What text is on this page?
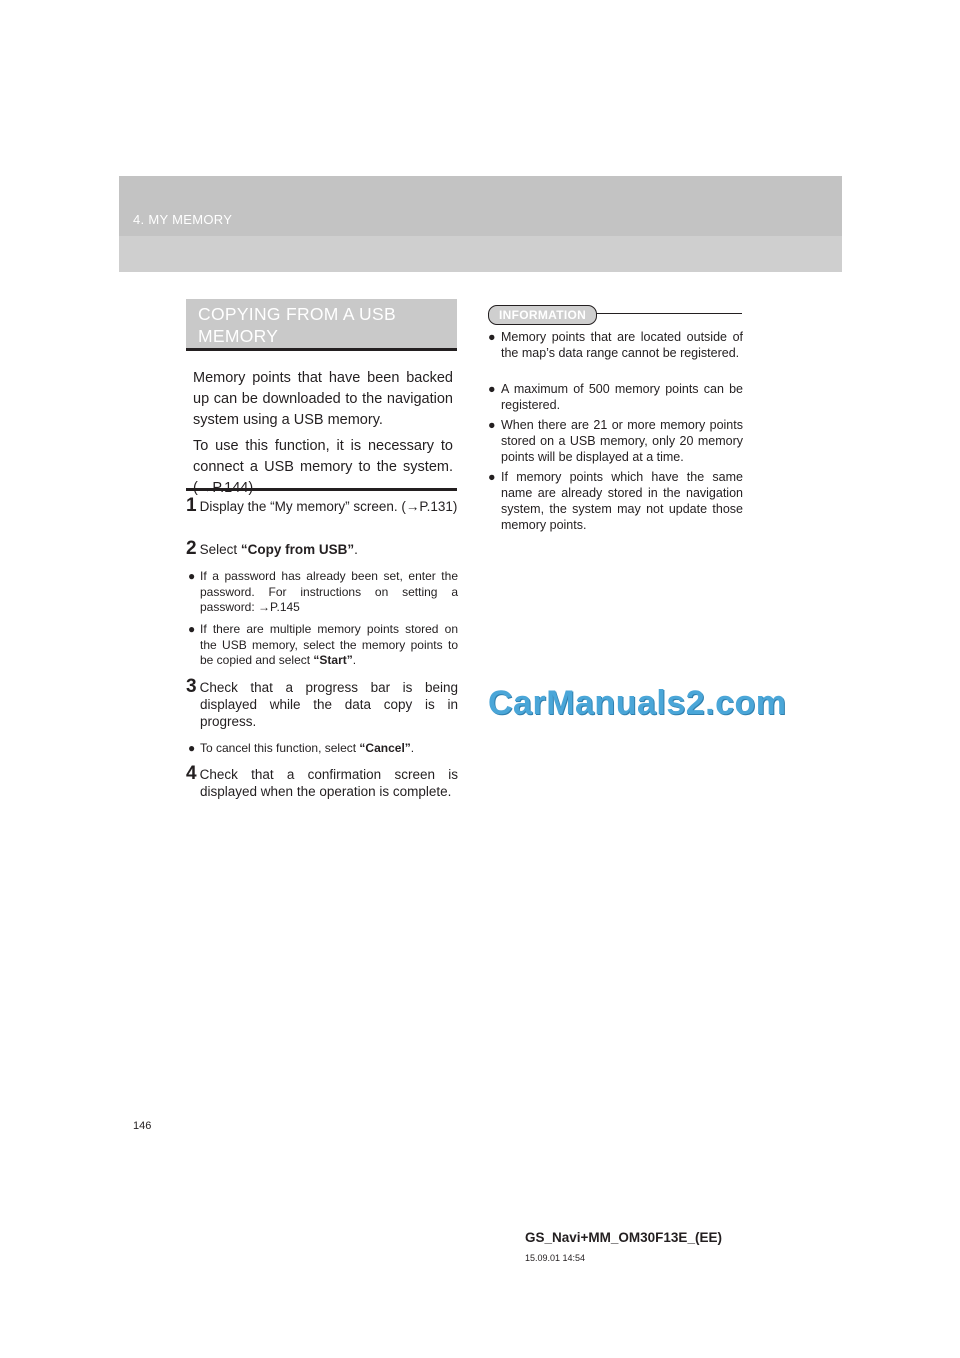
4. MY MEMORY
COPYING FROM A USB
MEMORY

Memory points that have been backed up can be downloaded to the navigation system using a USB memory.

To use this function, it is necessary to connect a USB memory to the system. (→P.144)

1 Display the “My memory” screen. (→P.131)
2 Select “Copy from USB”.
● If a password has already been set, enter the password. For instructions on setting a password: →P.145
● If there are multiple memory points stored on the USB memory, select the memory points to be copied and select “Start”.
3 Check that a progress bar is being displayed while the data copy is in progress.
● To cancel this function, select “Cancel”.
4 Check that a confirmation screen is displayed when the operation is complete.
INFORMATION
● Memory points that are located outside of the map’s data range cannot be registered.
● A maximum of 500 memory points can be registered.
● When there are 21 or more memory points stored on a USB memory, only 20 memory points will be displayed at a time.
● If memory points which have the same name are already stored in the navigation system, the system may not update those memory points.
CarManuals2.com
146
GS_Navi+MM_OM30F13E_(EE)
15.09.01 14:54
